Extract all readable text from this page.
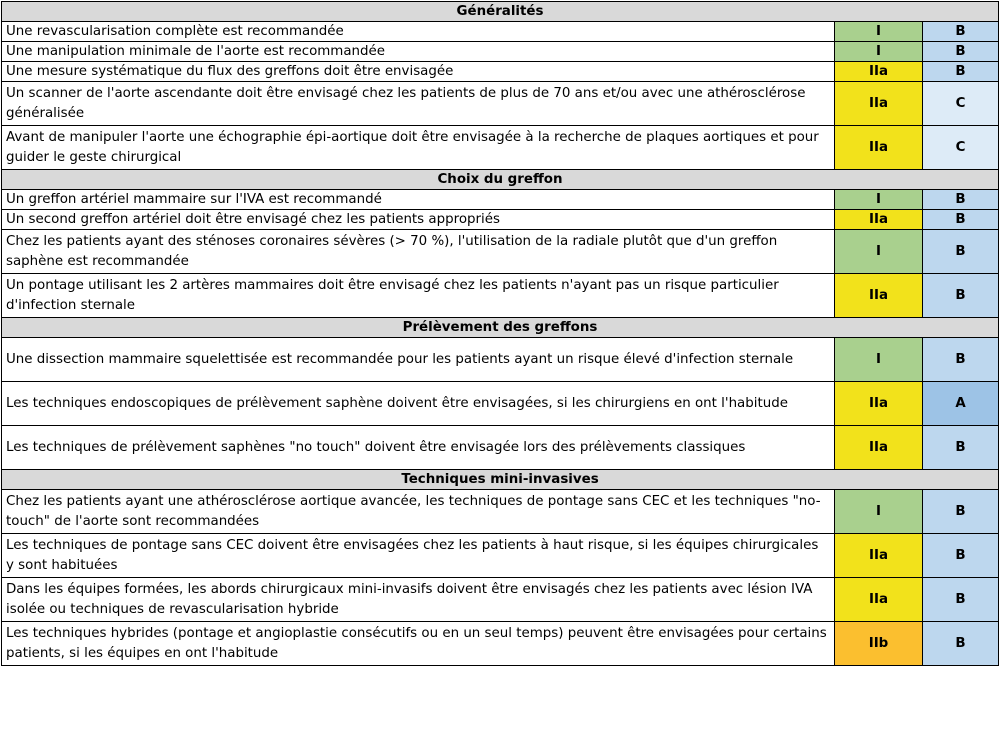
Généralités		
Une revascularisation complète est recommandée	I	B
Une manipulation minimale de l'aorte est recommandée	I	B
Une mesure systématique du flux des greffons doit être envisagée	IIa	B
Un scanner de l'aorte ascendante doit être envisagé chez les patients de plus de 70 ans et/ou avec une athérosclérose généralisée	IIa	C
Avant de manipuler l'aorte une échographie épi-aortique doit être envisagée à la recherche de plaques aortiques et pour guider le geste chirurgical	IIa	C
Choix du greffon		
Un greffon artériel mammaire sur l'IVA est recommandé	I	B
Un second greffon artériel doit être envisagé chez les patients appropriés	IIa	B
Chez les patients ayant des sténoses coronaires sévères (> 70 %), l'utilisation de la radiale plutôt que d'un greffon saphène est recommandée	I	B
Un pontage utilisant les 2 artères mammaires doit être envisagé chez les patients n'ayant pas un risque particulier d'infection sternale	IIa	B
Prélèvement des greffons		
Une dissection mammaire squelettisée est recommandée pour les patients ayant un risque élevé d'infection sternale	I	B
Les techniques endoscopiques de prélèvement saphène doivent être envisagées, si les chirurgiens en ont l'habitude	IIa	A
Les techniques de prélèvement saphènes "no touch" doivent être envisagée lors des prélèvements classiques	IIa	B
Techniques mini-invasives		
Chez les patients ayant une athérosclérose aortique avancée, les techniques de pontage sans CEC et les techniques "no-touch" de l'aorte sont recommandées	I	B
Les techniques de pontage sans CEC doivent être envisagées chez les patients à haut risque, si les équipes chirurgicales y sont habituées	IIa	B
Dans les équipes formées, les abords chirurgicaux mini-invasifs doivent être envisagés chez les patients avec lésion IVA isolée ou techniques de revascularisation hybride	IIa	B
Les techniques hybrides (pontage et angioplastie consécutifs ou en un seul temps) peuvent être envisagées pour certains patients, si les équipes en ont l'habitude	IIb	B
